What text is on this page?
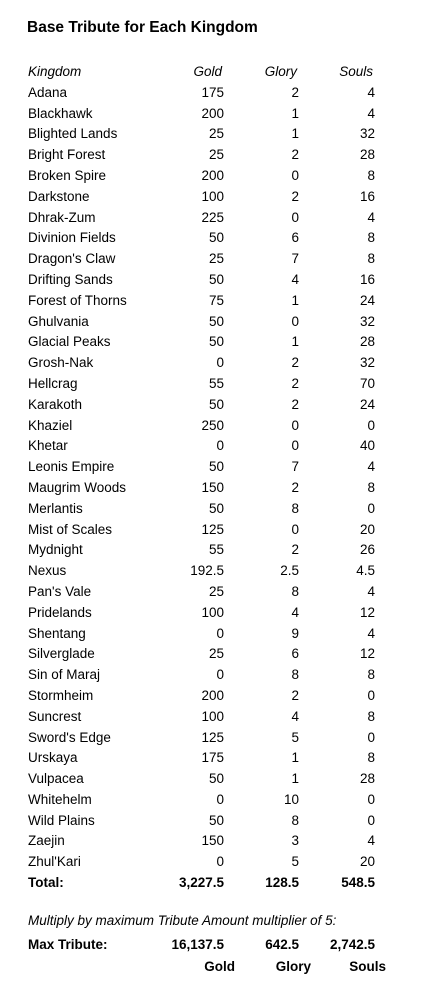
Base Tribute for Each Kingdom
Kingdom	Gold	Glory	Souls
Adana	175	2	4
Blackhawk	200	1	4
Blighted Lands	25	1	32
Bright Forest	25	2	28
Broken Spire	200	0	8
Darkstone	100	2	16
Dhrak-Zum	225	0	4
Divinion Fields	50	6	8
Dragon's Claw	25	7	8
Drifting Sands	50	4	16
Forest of Thorns	75	1	24
Ghulvania	50	0	32
Glacial Peaks	50	1	28
Grosh-Nak	0	2	32
Hellcrag	55	2	70
Karakoth	50	2	24
Khaziel	250	0	0
Khetar	0	0	40
Leonis Empire	50	7	4
Maugrim Woods	150	2	8
Merlantis	50	8	0
Mist of Scales	125	0	20
Mydnight	55	2	26
Nexus	192.5	2.5	4.5
Pan's Vale	25	8	4
Pridelands	100	4	12
Shentang	0	9	4
Silverglade	25	6	12
Sin of Maraj	0	8	8
Stormheim	200	2	0
Suncrest	100	4	8
Sword's Edge	125	5	0
Urskaya	175	1	8
Vulpacea	50	1	28
Whitehelm	0	10	0
Wild Plains	50	8	0
Zaejin	150	3	4
Zhul'Kari	0	5	20
Total:	3,227.5	128.5	548.5
Multiply by maximum Tribute Amount multiplier of 5:
Max Tribute:	16,137.5	642.5 2,742.5
Gold	Glory	Souls
